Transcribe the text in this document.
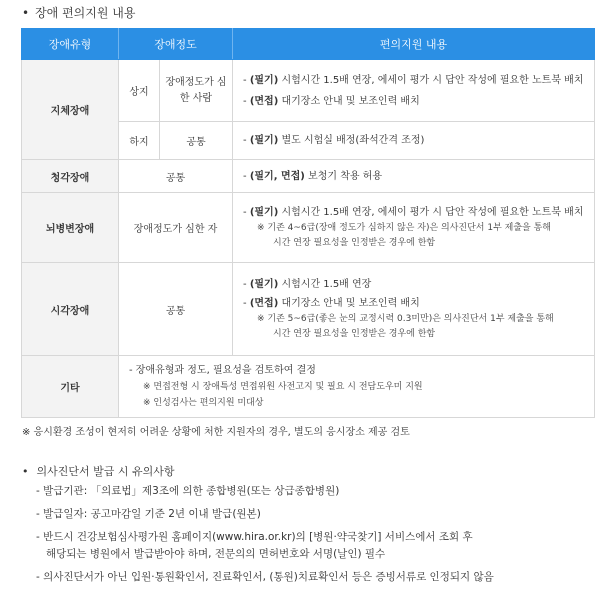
• 장애 편의지원 내용
장애유형	장애정도		편의지원 내용
지체장애	상지	장애정도가 심한 사람	- (필기) 시험시간 1.5배 연장, 에세이 평가 시 답안 작성에 필요한 노트북 배치
- (면접) 대기장소 안내 및 보조인력 배치

	하지	공통	- (필기) 별도 시험실 배정(좌석간격 조정)

청각장애	공통		- (필기, 면접) 보청기 착용 허용

뇌병변장애	장애정도가 심한 자		- (필기) 시험시간 1.5배 연장, 에세이 평가 시 답안 작성에 필요한 노트북 배치
※ 기존 4~6급(장애 정도가 심하지 않은 자)은 의사진단서 1부 제출을 통해
시간 연장 필요성을 인정받은 경우에 한함

시각장애	공통		- (필기) 시험시간 1.5배 연장
- (면접) 대기장소 안내 및 보조인력 배치
※ 기존 5~6급(좋은 눈의 교정시력 0.3미만)은 의사진단서 1부 제출을 통해
시간 연장 필요성을 인정받은 경우에 한함

기타	- 장애유형과 정도, 필요성을 검토하여 결정
※ 면접전형 시 장애특성 면접위원 사전고지 및 필요 시 전담도우미 지원
※ 인성검사는 편의지원 미대상		
※ 응시환경 조성이 현저히 어려운 상황에 처한 지원자의 경우, 별도의 응시장소 제공 검토
• 의사진단서 발급 시 유의사항
- 발급기관: 「의료법」제3조에 의한 종합병원(또는 상급종합병원)
- 발급일자: 공고마감일 기준 2년 이내 발급(원본)
- 반드시 건강보험심사평가원 홈페이지(www.hira.or.kr)의 [병원·약국찾기] 서비스에서 조회 후
해당되는 병원에서 발급받아야 하며, 전문의의 면허번호와 서명(날인) 필수
- 의사진단서가 아닌 입원·통원확인서, 진료확인서, (통원)치료확인서 등은 증빙서류로 인정되지 않음
